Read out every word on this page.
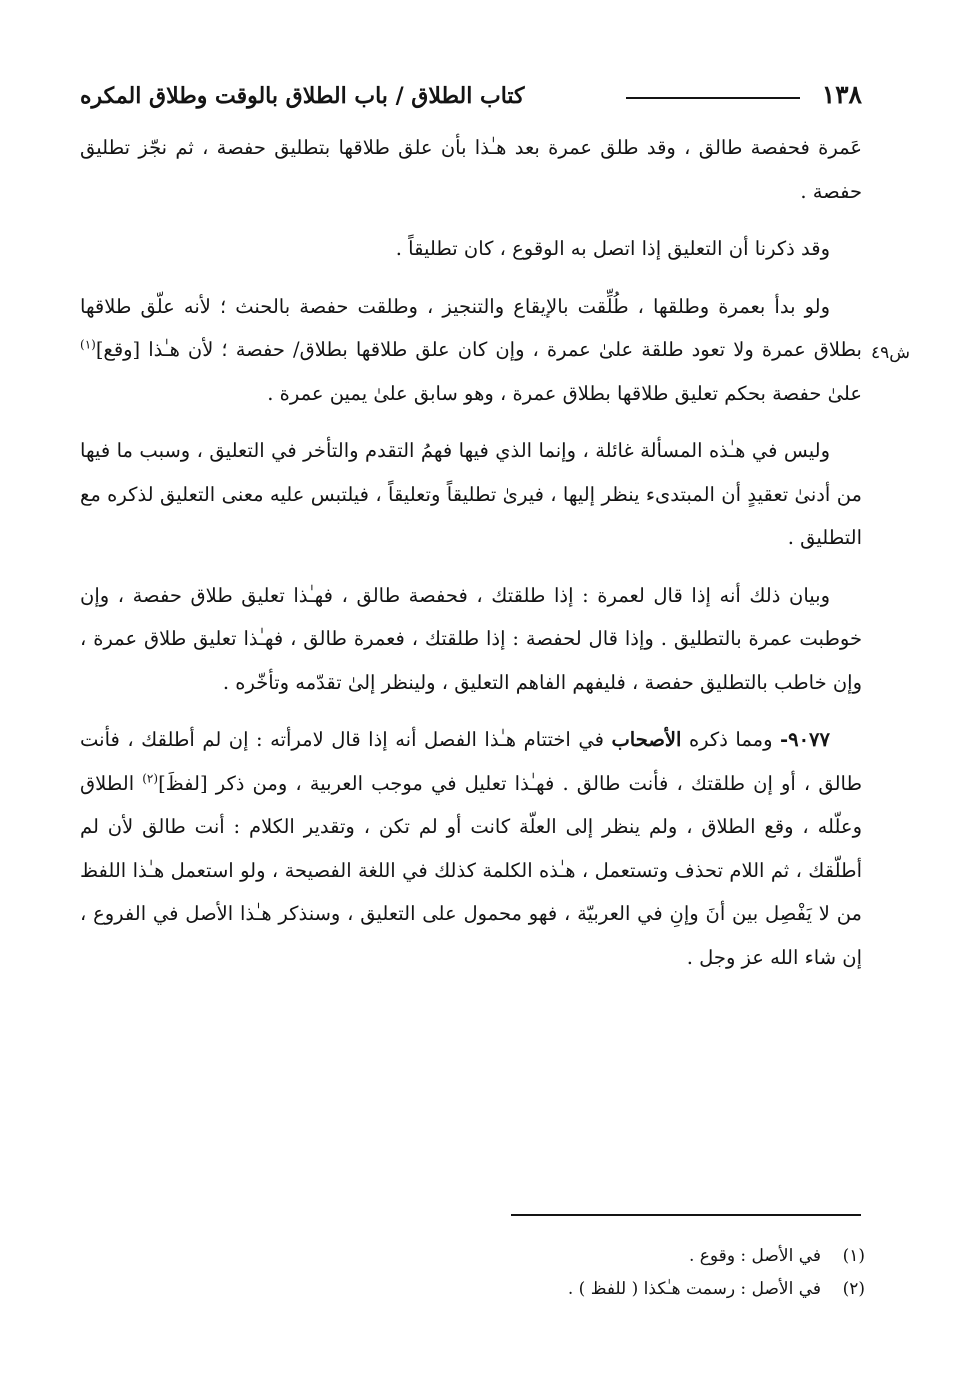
١٣٨
كتاب الطلاق / باب الطلاق بالوقت وطلاق المكره
ش٤٩

عَمرة فحفصة طالق ، وقد طلق عمرة بعد هـٰذا بأن علق طلاقها بتطليق حفصة ، ثم نجّز تطليق حفصة .

وقد ذكرنا أن التعليق إذا اتصل به الوقوع ، كان تطليقاً .

ولو بدأ بعمرة وطلقها ، طُلِّقت بالإيقاع والتنجيز ، وطلقت حفصة بالحنث ؛ لأنه علّق طلاقها بطلاق عمرة ولا تعود طلقة علىٰ عمرة ، وإن كان علق طلاقها بطلاق/ حفصة ؛ لأن هـٰذا [وقع]$^{(١)}$ علىٰ حفصة بحكم تعليق طلاقها بطلاق عمرة ، وهو سابق علىٰ يمين عمرة .

وليس في هـٰذه المسألة غائلة ، وإنما الذي فيها فهمُ التقدم والتأخر في التعليق ، وسبب ما فيها من أدنىٰ تعقيدٍ أن المبتدىء ينظر إليها ، فيرىٰ تطليقاً وتعليقاً ، فيلتبس عليه معنى التعليق لذكره مع التطليق .

وبيان ذلك أنه إذا قال لعمرة : إذا طلقتك ، فحفصة طالق ، فهـٰذا تعليق طلاق حفصة ، وإن خوطبت عمرة بالتطليق . وإذا قال لحفصة : إذا طلقتك ، فعمرة طالق ، فهـٰذا تعليق طلاق عمرة ، وإن خاطب بالتطليق حفصة ، فليفهم الفاهم التعليق ، ولينظر إلىٰ تقدّمه وتأخّره .

٩٠٧٧- ومما ذكره الأصحاب في اختتام هـٰذا الفصل أنه إذا قال لامرأته : إن لم أطلقك ، فأنت طالق ، أو إن طلقتك ، فأنت طالق . فهـٰذا تعليل في موجب العربية ، ومن ذكر [لفظَ]$^{(٢)}$ الطلاق وعلّله ، وقع الطلاق ، ولم ينظر إلى العلّة كانت أو لم تكن ، وتقدير الكلام : أنت طالق لأن لم أطلّقك ، ثم اللام تحذف وتستعمل ، هـٰذه الكلمة كذلك في اللغة الفصيحة ، ولو استعمل هـٰذا اللفظ من لا يَفْصِل بين أنَ وإنِ في العربيّة ، فهو محمول على التعليق ، وسنذكر هـٰذا الأصل في الفروع ، إن شاء الله عز وجل .

(١)في الأصل : وقوع .
(٢)في الأصل : رسمت هـٰكذا ( للفظ ) .
